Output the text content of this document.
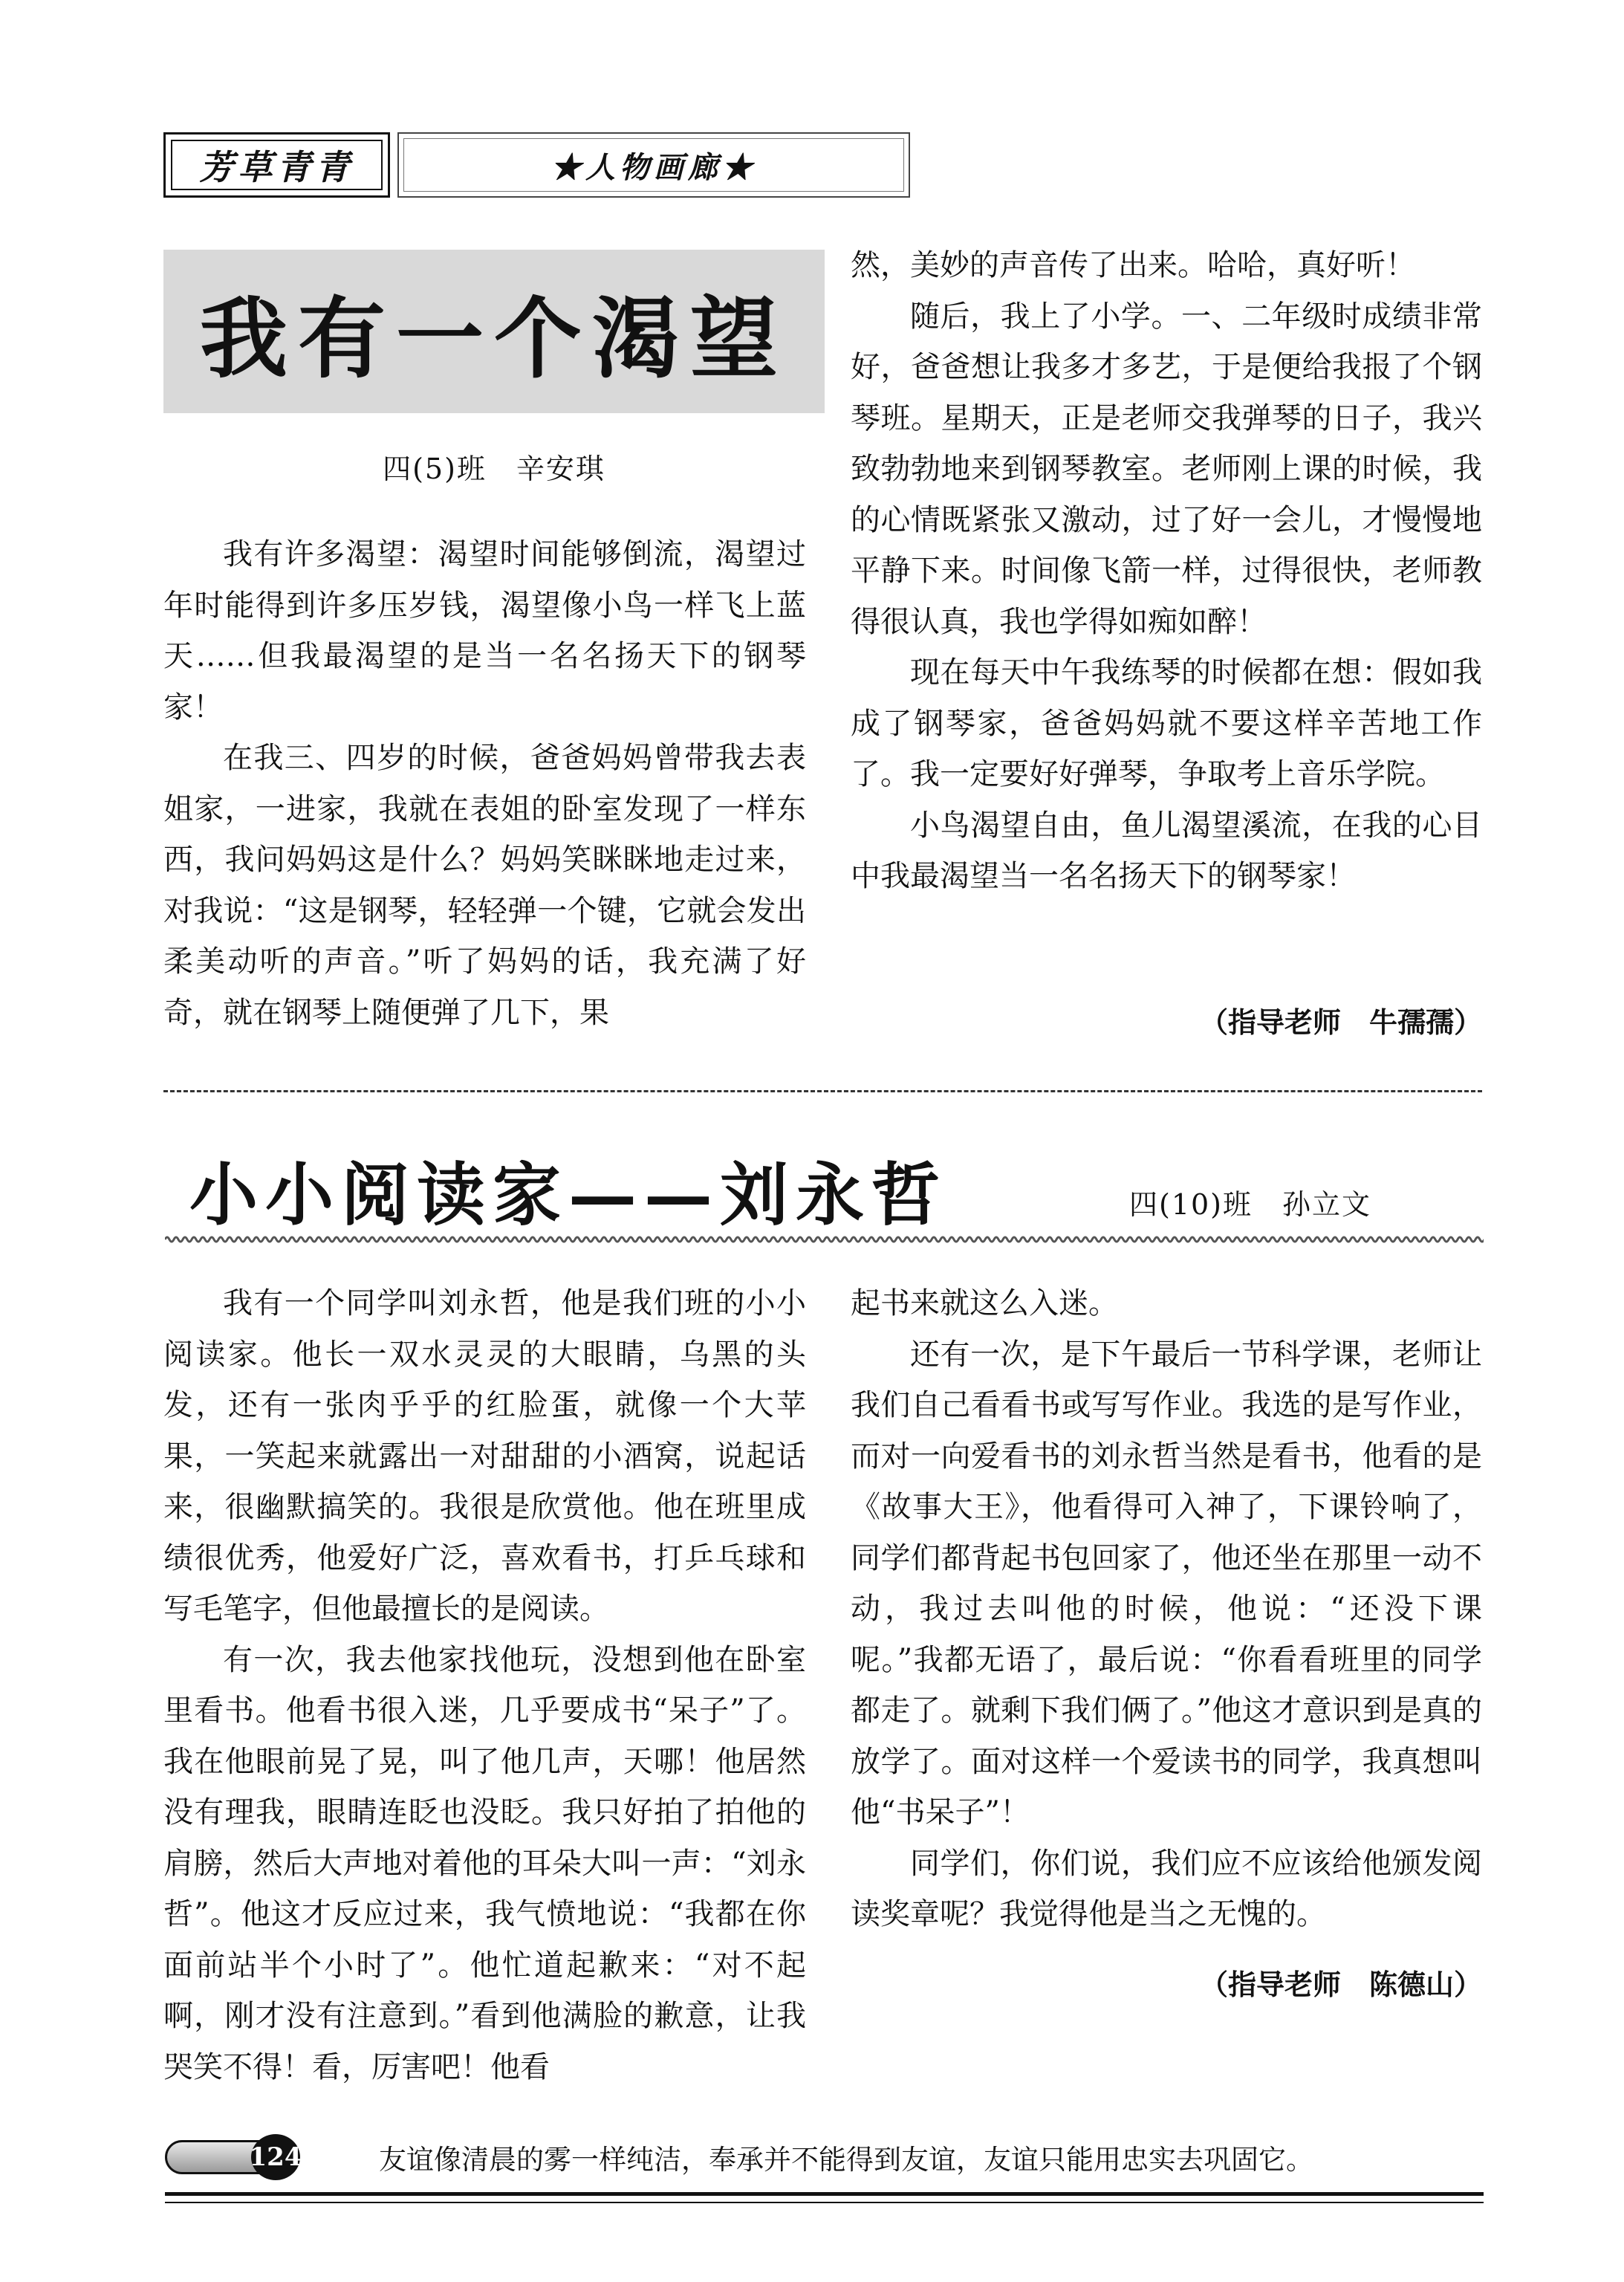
芳草青青	★人物画廊★
我有一个渴望
四(5)班　辛安琪

我有许多渴望：渴望时间能够倒流，渴望过年时能得到许多压岁钱，渴望像小鸟一样飞上蓝天……但我最渴望的是当一名名扬天下的钢琴家！

在我三、四岁的时候，爸爸妈妈曾带我去表姐家，一进家，我就在表姐的卧室发现了一样东西，我问妈妈这是什么？妈妈笑眯眯地走过来，对我说：“这是钢琴，轻轻弹一个键，它就会发出柔美动听的声音。”听了妈妈的话，我充满了好奇，就在钢琴上随便弹了几下，果

然，美妙的声音传了出来。哈哈，真好听！

随后，我上了小学。一、二年级时成绩非常好，爸爸想让我多才多艺，于是便给我报了个钢琴班。星期天，正是老师交我弹琴的日子，我兴致勃勃地来到钢琴教室。老师刚上课的时候，我的心情既紧张又激动，过了好一会儿，才慢慢地平静下来。时间像飞箭一样，过得很快，老师教得很认真，我也学得如痴如醉！

现在每天中午我练琴的时候都在想：假如我成了钢琴家，爸爸妈妈就不要这样辛苦地工作了。我一定要好好弹琴，争取考上音乐学院。

小鸟渴望自由，鱼儿渴望溪流，在我的心目中我最渴望当一名名扬天下的钢琴家！

（指导老师　牛孺孺）
小小阅读家——刘永哲	四(10)班　孙立文

我有一个同学叫刘永哲，他是我们班的小小阅读家。他长一双水灵灵的大眼睛，乌黑的头发，还有一张肉乎乎的红脸蛋，就像一个大苹果，一笑起来就露出一对甜甜的小酒窝，说起话来，很幽默搞笑的。我很是欣赏他。他在班里成绩很优秀，他爱好广泛，喜欢看书，打乒乓球和写毛笔字，但他最擅长的是阅读。

有一次，我去他家找他玩，没想到他在卧室里看书。他看书很入迷，几乎要成书“呆子”了。我在他眼前晃了晃，叫了他几声，天哪！他居然没有理我，眼睛连眨也没眨。我只好拍了拍他的肩膀，然后大声地对着他的耳朵大叫一声：“刘永哲”。他这才反应过来，我气愤地说：“我都在你面前站半个小时了”。他忙道起歉来：“对不起啊，刚才没有注意到。”看到他满脸的歉意，让我哭笑不得！看，厉害吧！他看

起书来就这么入迷。

还有一次，是下午最后一节科学课，老师让我们自己看看书或写写作业。我选的是写作业，而对一向爱看书的刘永哲当然是看书，他看的是《故事大王》，他看得可入神了，下课铃响了，同学们都背起书包回家了，他还坐在那里一动不动，我过去叫他的时候，他说：“还没下课呢。”我都无语了，最后说：“你看看班里的同学都走了。就剩下我们俩了。”他这才意识到是真的放学了。面对这样一个爱读书的同学，我真想叫他“书呆子”！

同学们，你们说，我们应不应该给他颁发阅读奖章呢？我觉得他是当之无愧的。

（指导老师　陈德山）
124	友谊像清晨的雾一样纯洁，奉承并不能得到友谊，友谊只能用忠实去巩固它。
